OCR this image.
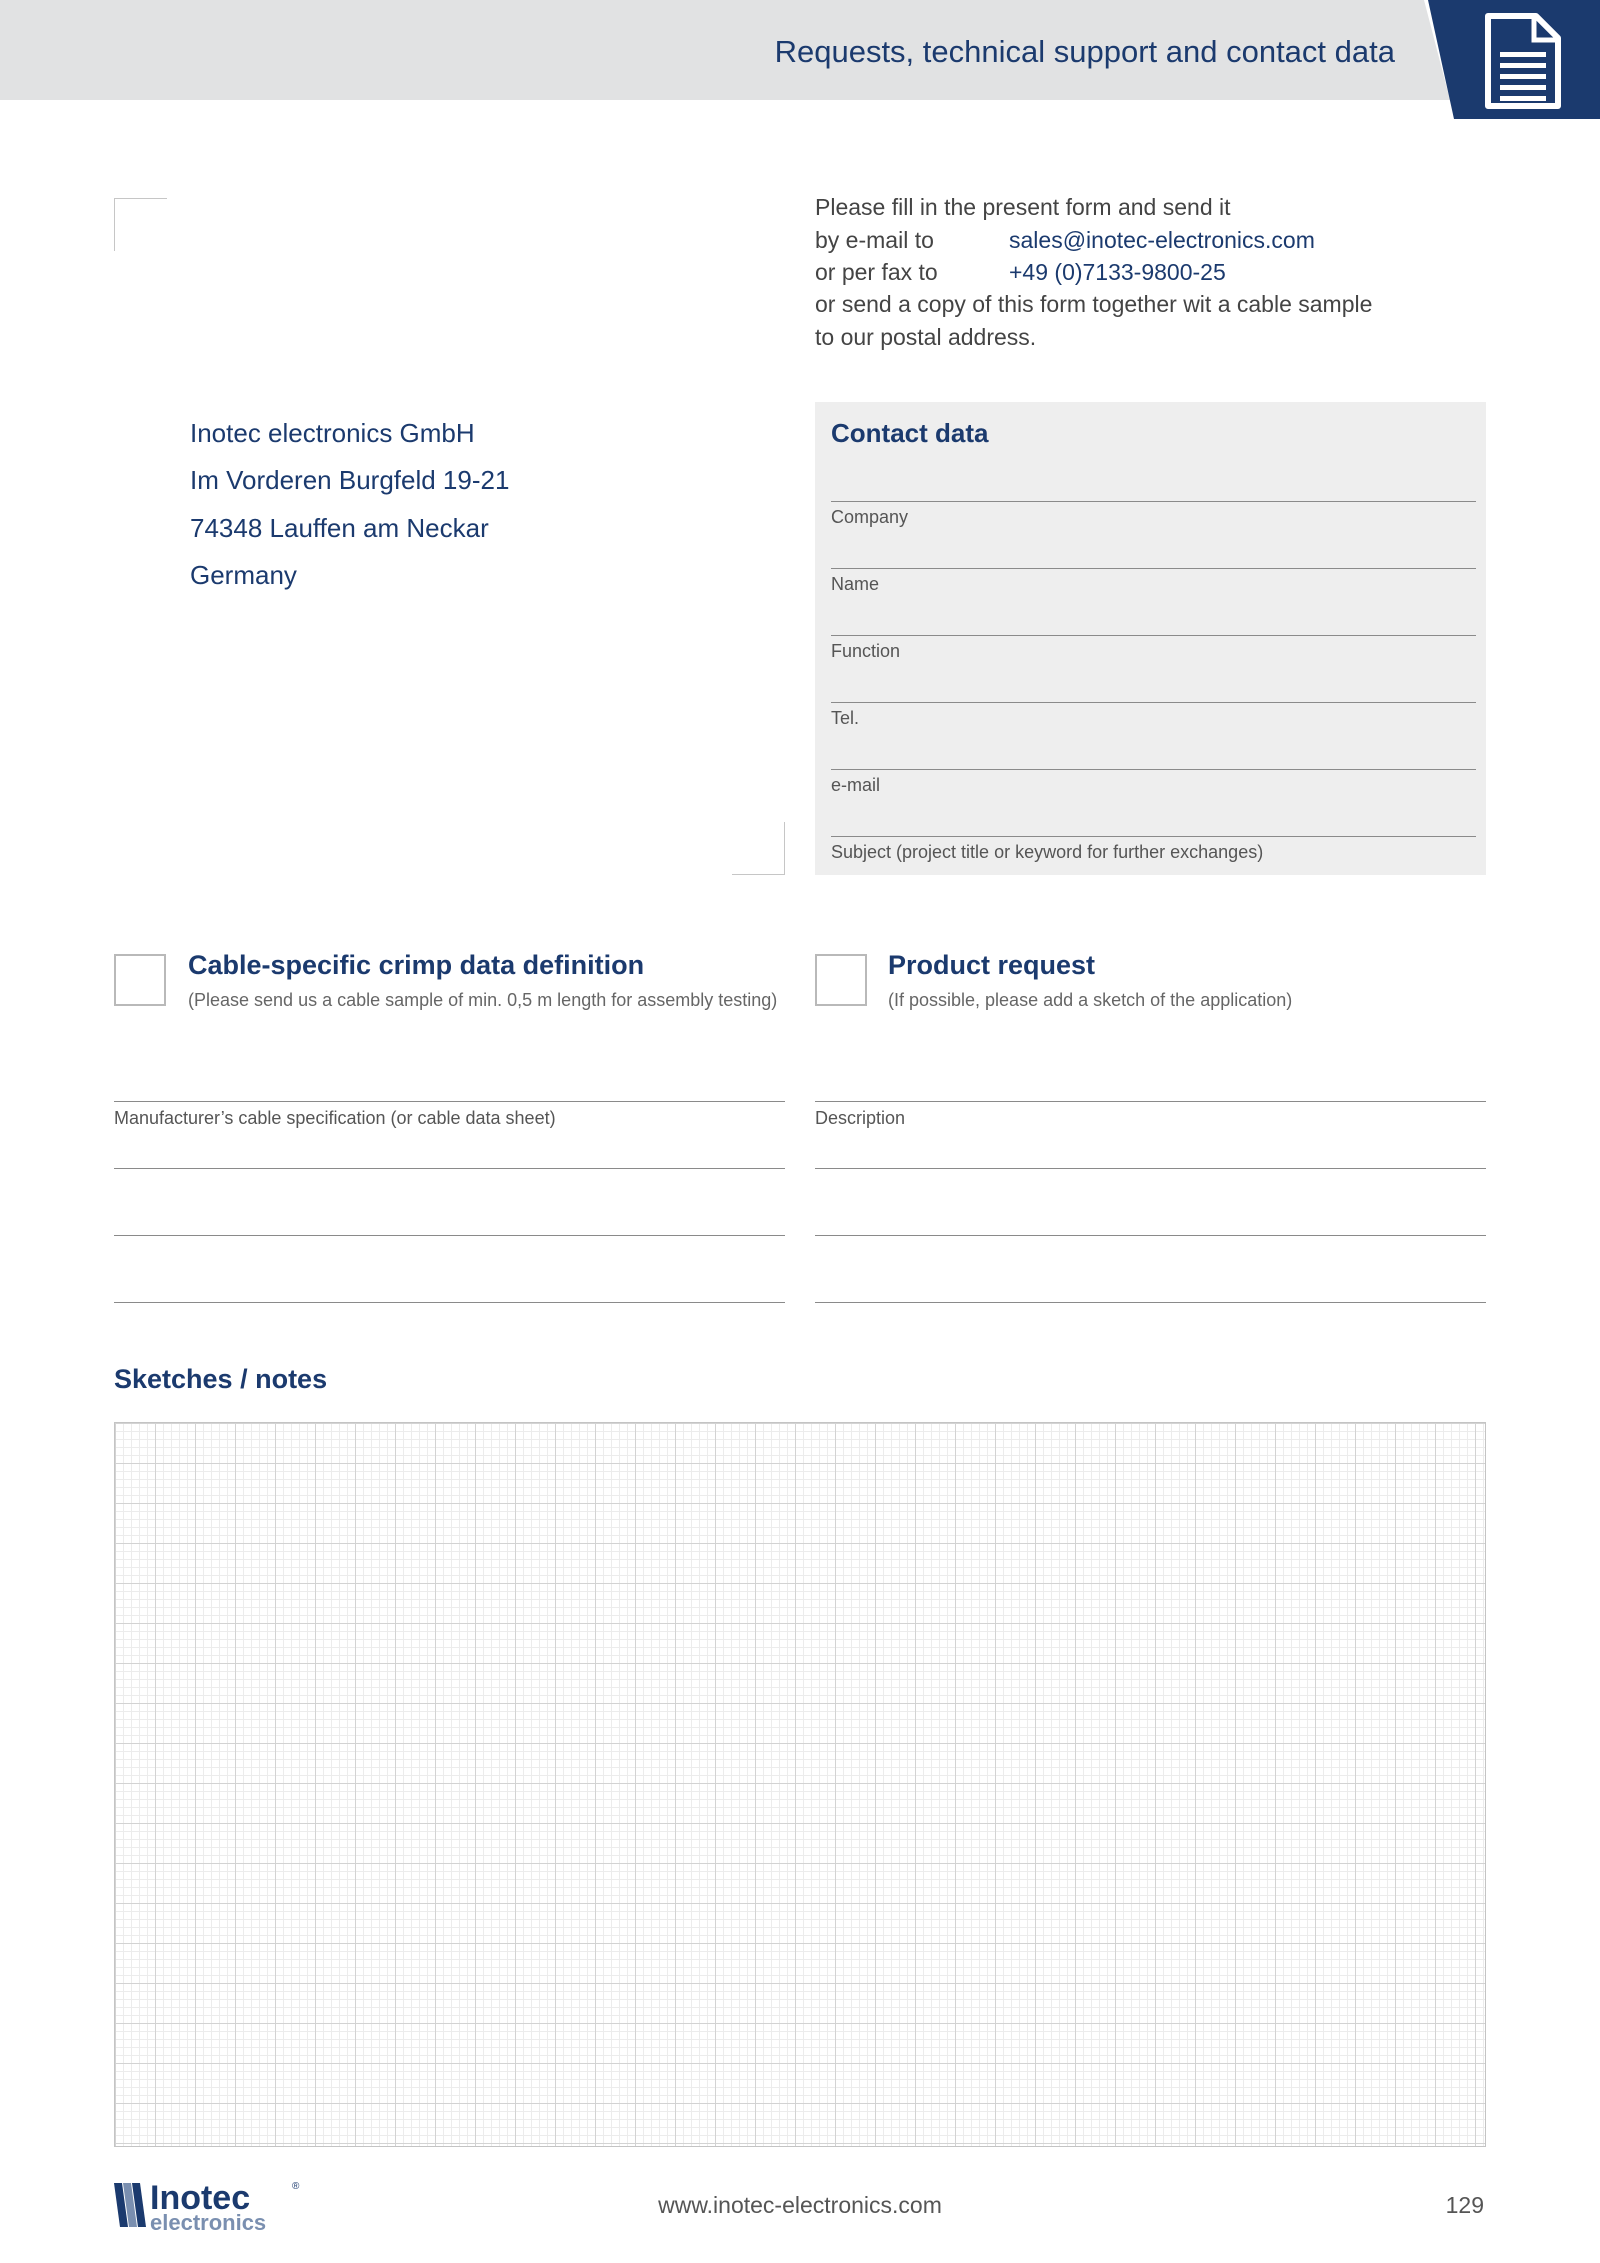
Requests, technical support and contact data
Please fill in the present form and send it
by e-mail to	sales@inotec-electronics.com
or per fax to	+49 (0)7133-9800-25
or send a copy of this form together wit a cable sample
to our postal address.
Inotec electronics GmbH
Im Vorderen Burgfeld 19-21
74348 Lauffen am Neckar
Germany
Contact data
Company
Name
Function
Tel.
e-mail
Subject (project title or keyword for further exchanges)
Cable-specific crimp data definition
(Please send us a cable sample of min. 0,5 m length for assembly testing)
Product request
(If possible, please add a sketch of the application)
Manufacturer’s cable specification (or cable data sheet)	Description
Sketches / notes
Inotec	®
electronics
www.inotec-electronics.com	129
